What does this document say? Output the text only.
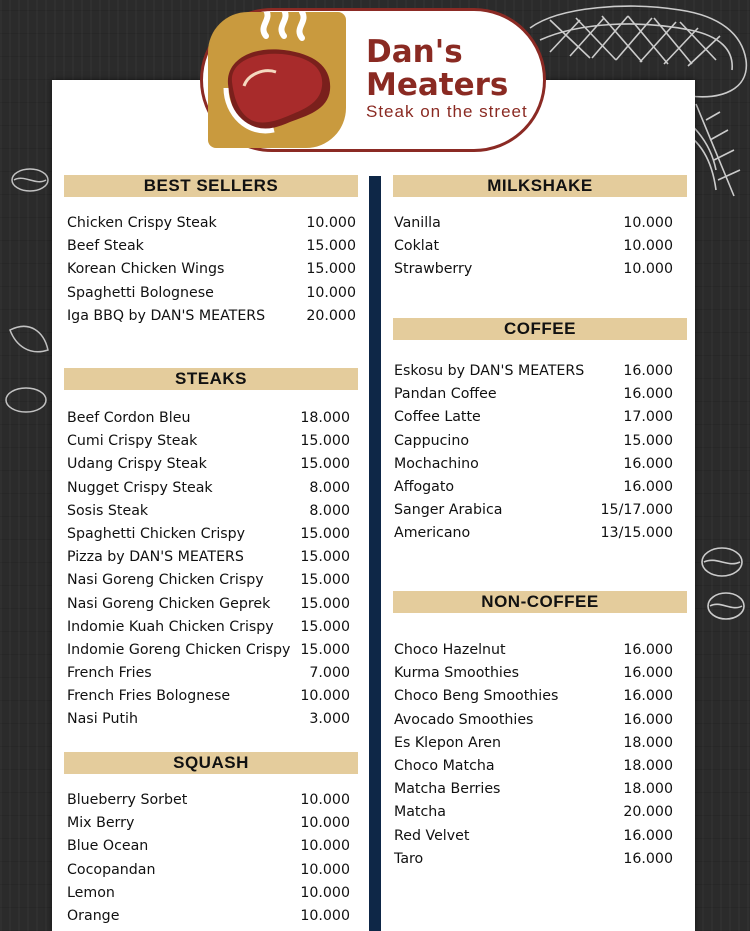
Dan's
Meaters
Steak on the street
BEST SELLERS
Chicken Crispy Steak	10.000
Beef Steak	15.000
Korean Chicken Wings	15.000
Spaghetti Bolognese	10.000
Iga BBQ by DAN'S MEATERS	20.000
STEAKS
Beef Cordon Bleu	18.000
Cumi Crispy Steak	15.000
Udang Crispy Steak	15.000
Nugget Crispy Steak	8.000
Sosis Steak	8.000
Spaghetti Chicken Crispy	15.000
Pizza by DAN'S MEATERS	15.000
Nasi Goreng Chicken Crispy	15.000
Nasi Goreng Chicken Geprek 15.000
Indomie Kuah Chicken Crispy 15.000
Indomie Goreng Chicken Crispy 15.000
French Fries	7.000
French Fries Bolognese	10.000
Nasi Putih	3.000
SQUASH
Blueberry Sorbet	10.000
Mix Berry	10.000
Blue Ocean	10.000
Cocopandan	10.000
Lemon	10.000
Orange	10.000
MILKSHAKE
Vanilla	10.000
Coklat	10.000
Strawberry	10.000
COFFEE
Eskosu by DAN'S MEATERS	16.000
Pandan Coffee	16.000
Coffee Latte	17.000
Cappucino	15.000
Mochachino	16.000
Affogato	16.000
Sanger Arabica	15/17.000
Americano	13/15.000
NON-COFFEE
Choco Hazelnut	16.000
Kurma Smoothies	16.000
Choco Beng Smoothies	16.000
Avocado Smoothies	16.000
Es Klepon Aren	18.000
Choco Matcha	18.000
Matcha Berries	18.000
Matcha	20.000
Red Velvet	16.000
Taro	16.000
